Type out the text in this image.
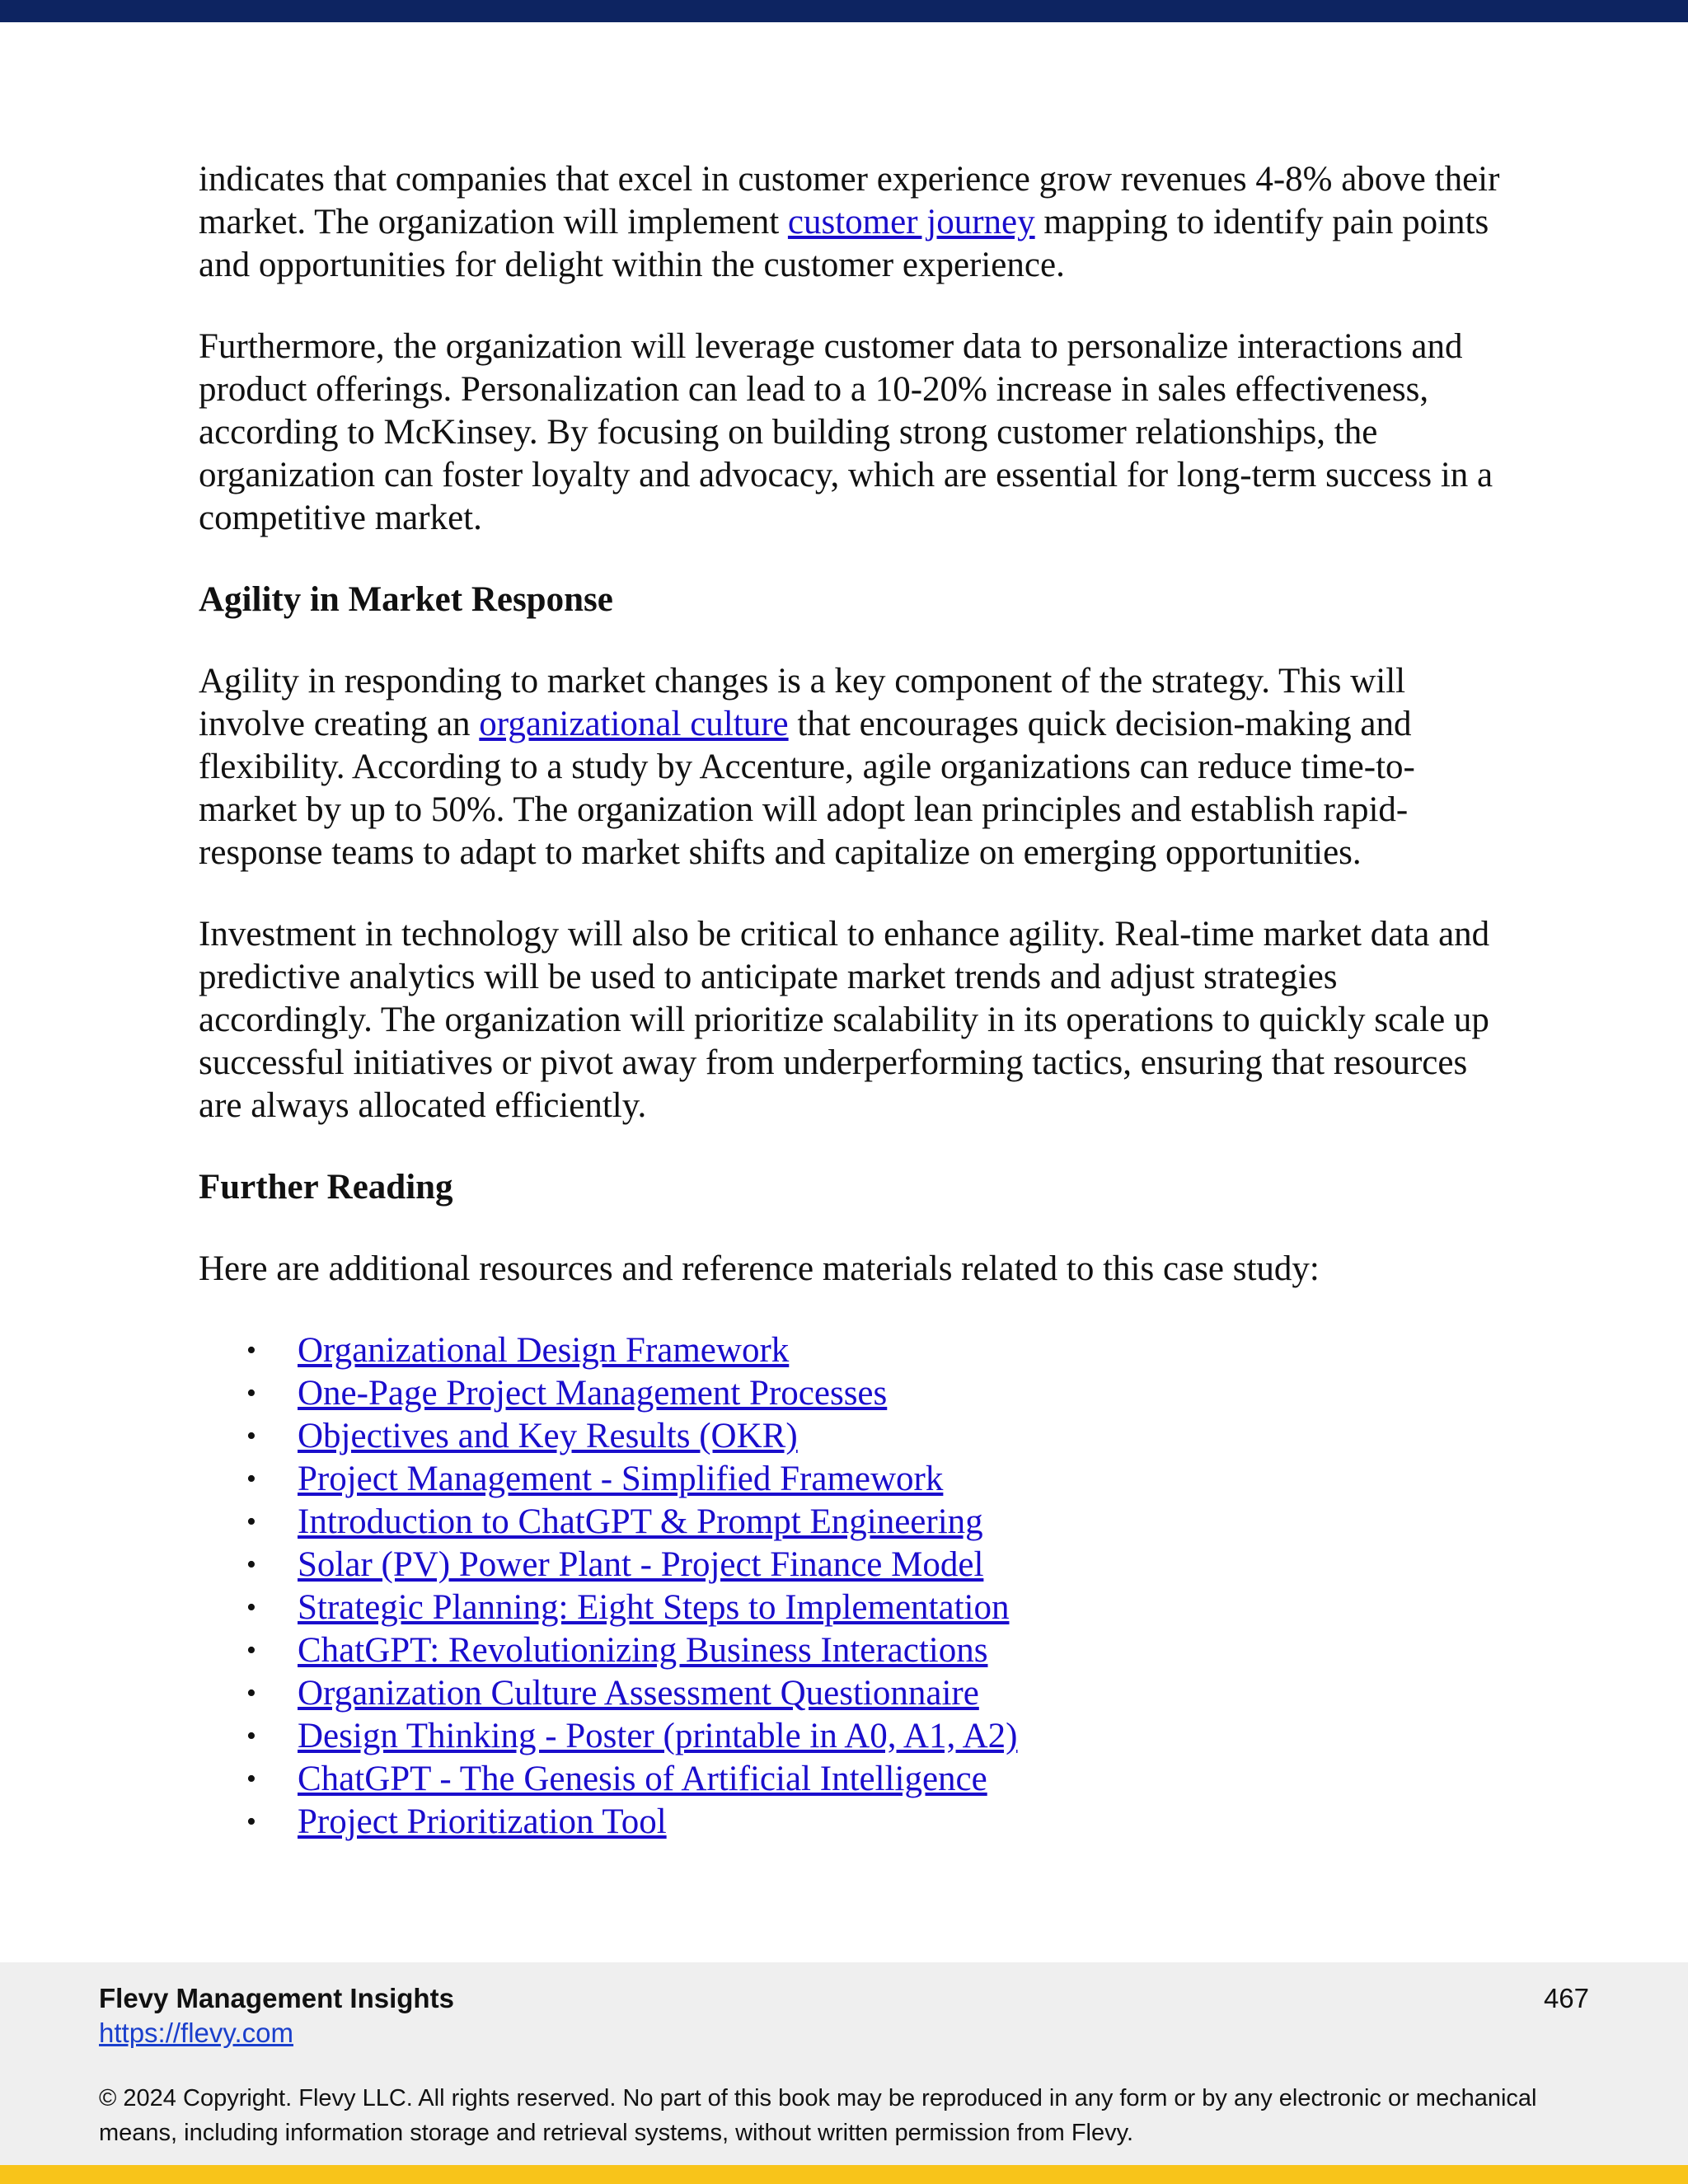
indicates that companies that excel in customer experience grow revenues 4-8% above their market. The organization will implement customer journey mapping to identify pain points and opportunities for delight within the customer experience.

Furthermore, the organization will leverage customer data to personalize interactions and product offerings. Personalization can lead to a 10-20% increase in sales effectiveness, according to McKinsey. By focusing on building strong customer relationships, the organization can foster loyalty and advocacy, which are essential for long-term success in a competitive market.

Agility in Market Response

Agility in responding to market changes is a key component of the strategy. This will involve creating an organizational culture that encourages quick decision-making and flexibility. According to a study by Accenture, agile organizations can reduce time-to-market by up to 50%. The organization will adopt lean principles and establish rapid-response teams to adapt to market shifts and capitalize on emerging opportunities.

Investment in technology will also be critical to enhance agility. Real-time market data and predictive analytics will be used to anticipate market trends and adjust strategies accordingly. The organization will prioritize scalability in its operations to quickly scale up successful initiatives or pivot away from underperforming tactics, ensuring that resources are always allocated efficiently.

Further Reading

Here are additional resources and reference materials related to this case study:

• Organizational Design Framework
• One-Page Project Management Processes
• Objectives and Key Results (OKR)
• Project Management - Simplified Framework
• Introduction to ChatGPT & Prompt Engineering
• Solar (PV) Power Plant - Project Finance Model
• Strategic Planning: Eight Steps to Implementation
• ChatGPT: Revolutionizing Business Interactions
• Organization Culture Assessment Questionnaire
• Design Thinking - Poster (printable in A0, A1, A2)
• ChatGPT - The Genesis of Artificial Intelligence
• Project Prioritization Tool
Flevy Management Insights
https://flevy.com
467
© 2024 Copyright. Flevy LLC. All rights reserved. No part of this book may be reproduced in any form or by any electronic or mechanical means, including information storage and retrieval systems, without written permission from Flevy.
